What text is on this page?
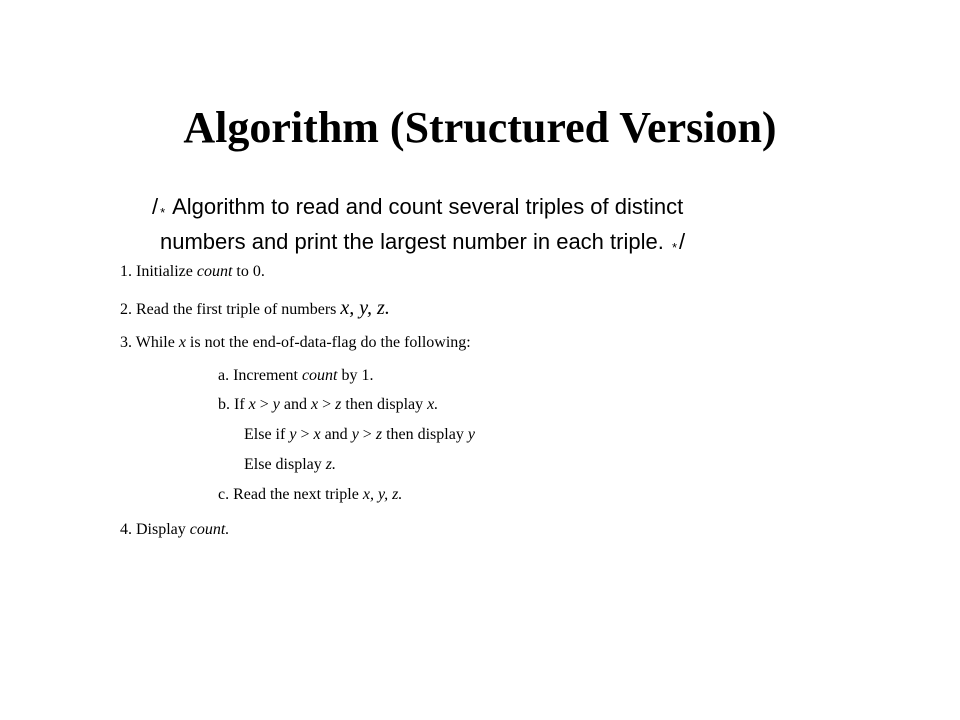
Algorithm (Structured Version)
/ * Algorithm to read and count several triples of distinct
numbers and print the largest number in each triple. */
1. Initialize count to 0.
2. Read the first triple of numbers x, y, z.
3. While x is not the end-of-data-flag do the following:
a. Increment count by 1.
b. If x > y and x > z then display x.
Else if y > x and y > z then display y
Else display z.
c. Read the next triple x, y, z.
4. Display count.
